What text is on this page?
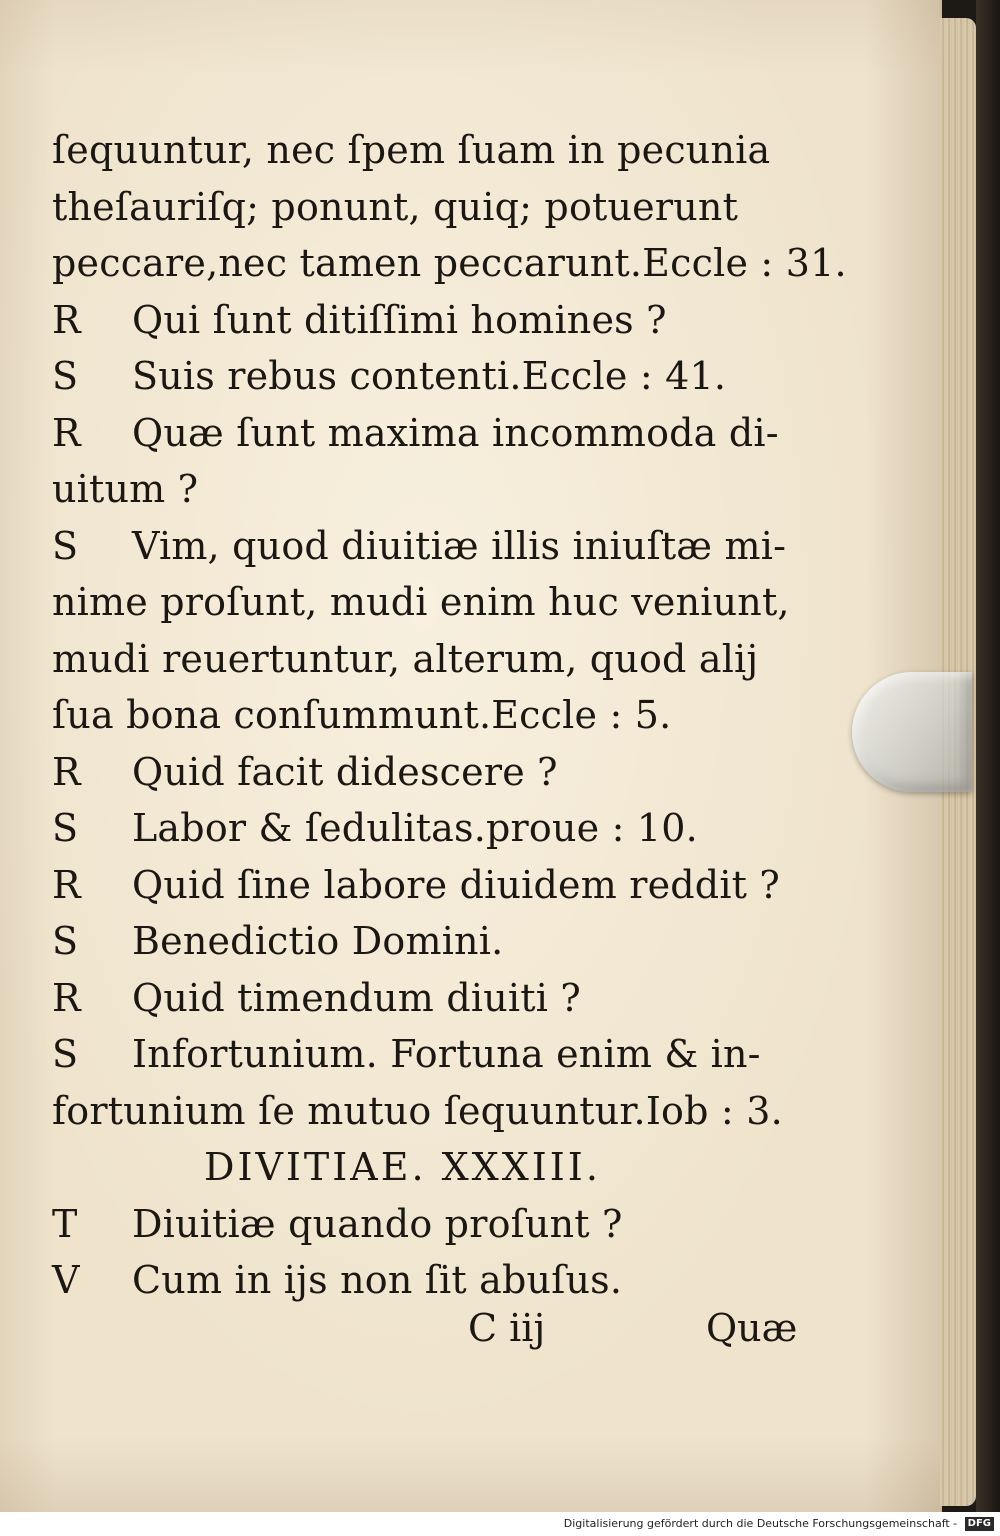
ſequuntur, nec ſpem ſuam in pecunia
theſauriſq; ponunt, quiq; potuerunt
peccare,nec tamen peccarunt.Eccle : 31.
R Qui ſunt ditiſſimi homines ?
S Suis rebus contenti.Eccle : 41.
R Quæ ſunt maxima incommoda di-
uitum ?
S Vim, quod diuitiæ illis iniuſtæ mi-
nime proſunt, mudi enim huc veniunt,
mudi reuertuntur, alterum, quod alij
ſua bona conſummunt.Eccle : 5.
R Quid facit didescere ?
S Labor & ſedulitas.proue : 10.
R Quid ſine labore diuidem reddit ?
S Benedictio Domini.
R Quid timendum diuiti ?
S Infortunium. Fortuna enim & in-
fortunium ſe mutuo ſequuntur.Iob : 3.
DIVITIAE. XXXIII.
T Diuitiæ quando proſunt ?
V Cum in ijs non ſit abuſus.
C iij	Quæ
Digitalisierung gefördert durch die Deutsche Forschungsgemeinschaft - DFG
